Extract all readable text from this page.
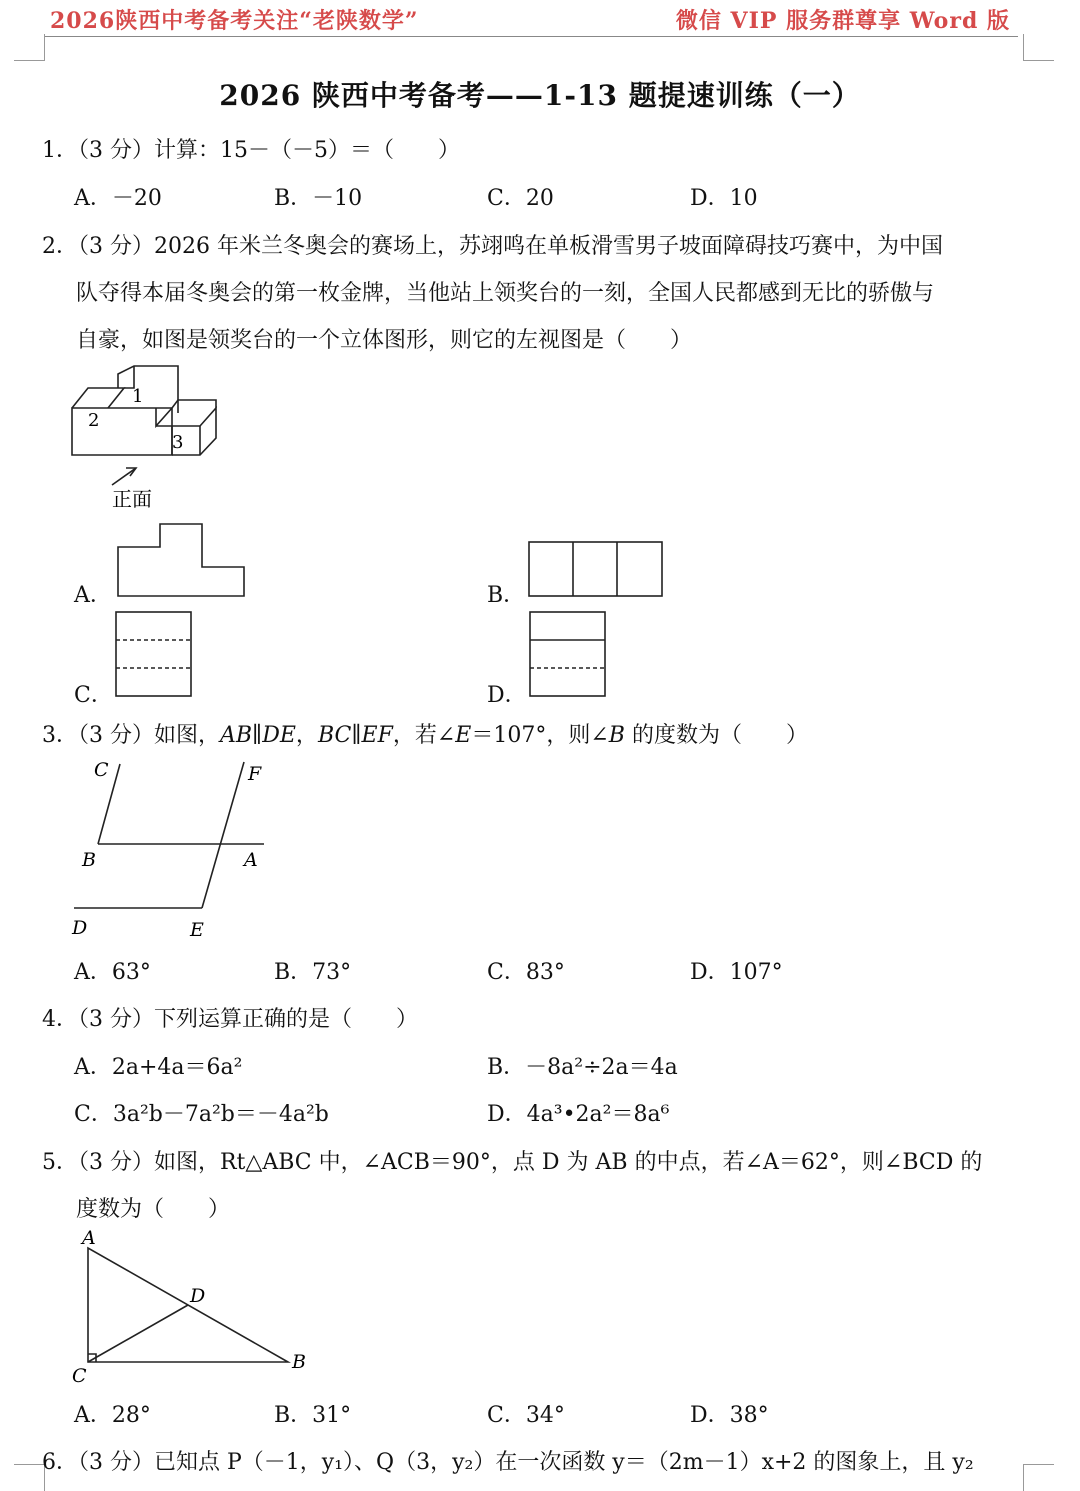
2026陕西中考备考关注“老陕数学”	微信 VIP 服务群尊享 Word 版
2026 陕西中考备考——1-13 题提速训练（一）
1．（3 分）计算：15－（－5）＝（　　）
A．－20	B．－10	C．20	D．10
2．（3 分）2026 年米兰冬奥会的赛场上，苏翊鸣在单板滑雪男子坡面障碍技巧赛中，为中国
队夺得本届冬奥会的第一枚金牌，当他站上领奖台的一刻，全国人民都感到无比的骄傲与
自豪，如图是领奖台的一个立体图形，则它的左视图是（　　）
1
2
3
正面
A．	B．
C．	D．
3．（3 分）如图，AB∥DE，BC∥EF，若∠E＝107°，则∠B 的度数为（　　）
C	F
B	A
D	E
A．63°	B．73°	C．83°	D．107°
4．（3 分）下列运算正确的是（　　）
A．2a+4a＝6a²	B．－8a²÷2a＝4a
C．3a²b－7a²b＝－4a²b	D．4a³•2a²＝8a⁶
5．（3 分）如图，Rt△ABC 中，∠ACB＝90°，点 D 为 AB 的中点，若∠A＝62°，则∠BCD 的
度数为（　　）
A
D
C
B
A．28°	B．31°	C．34°	D．38°
6．（3 分）已知点 P（－1，y₁）、Q（3，y₂）在一次函数 y＝（2m－1）x+2 的图象上，且 y₂
